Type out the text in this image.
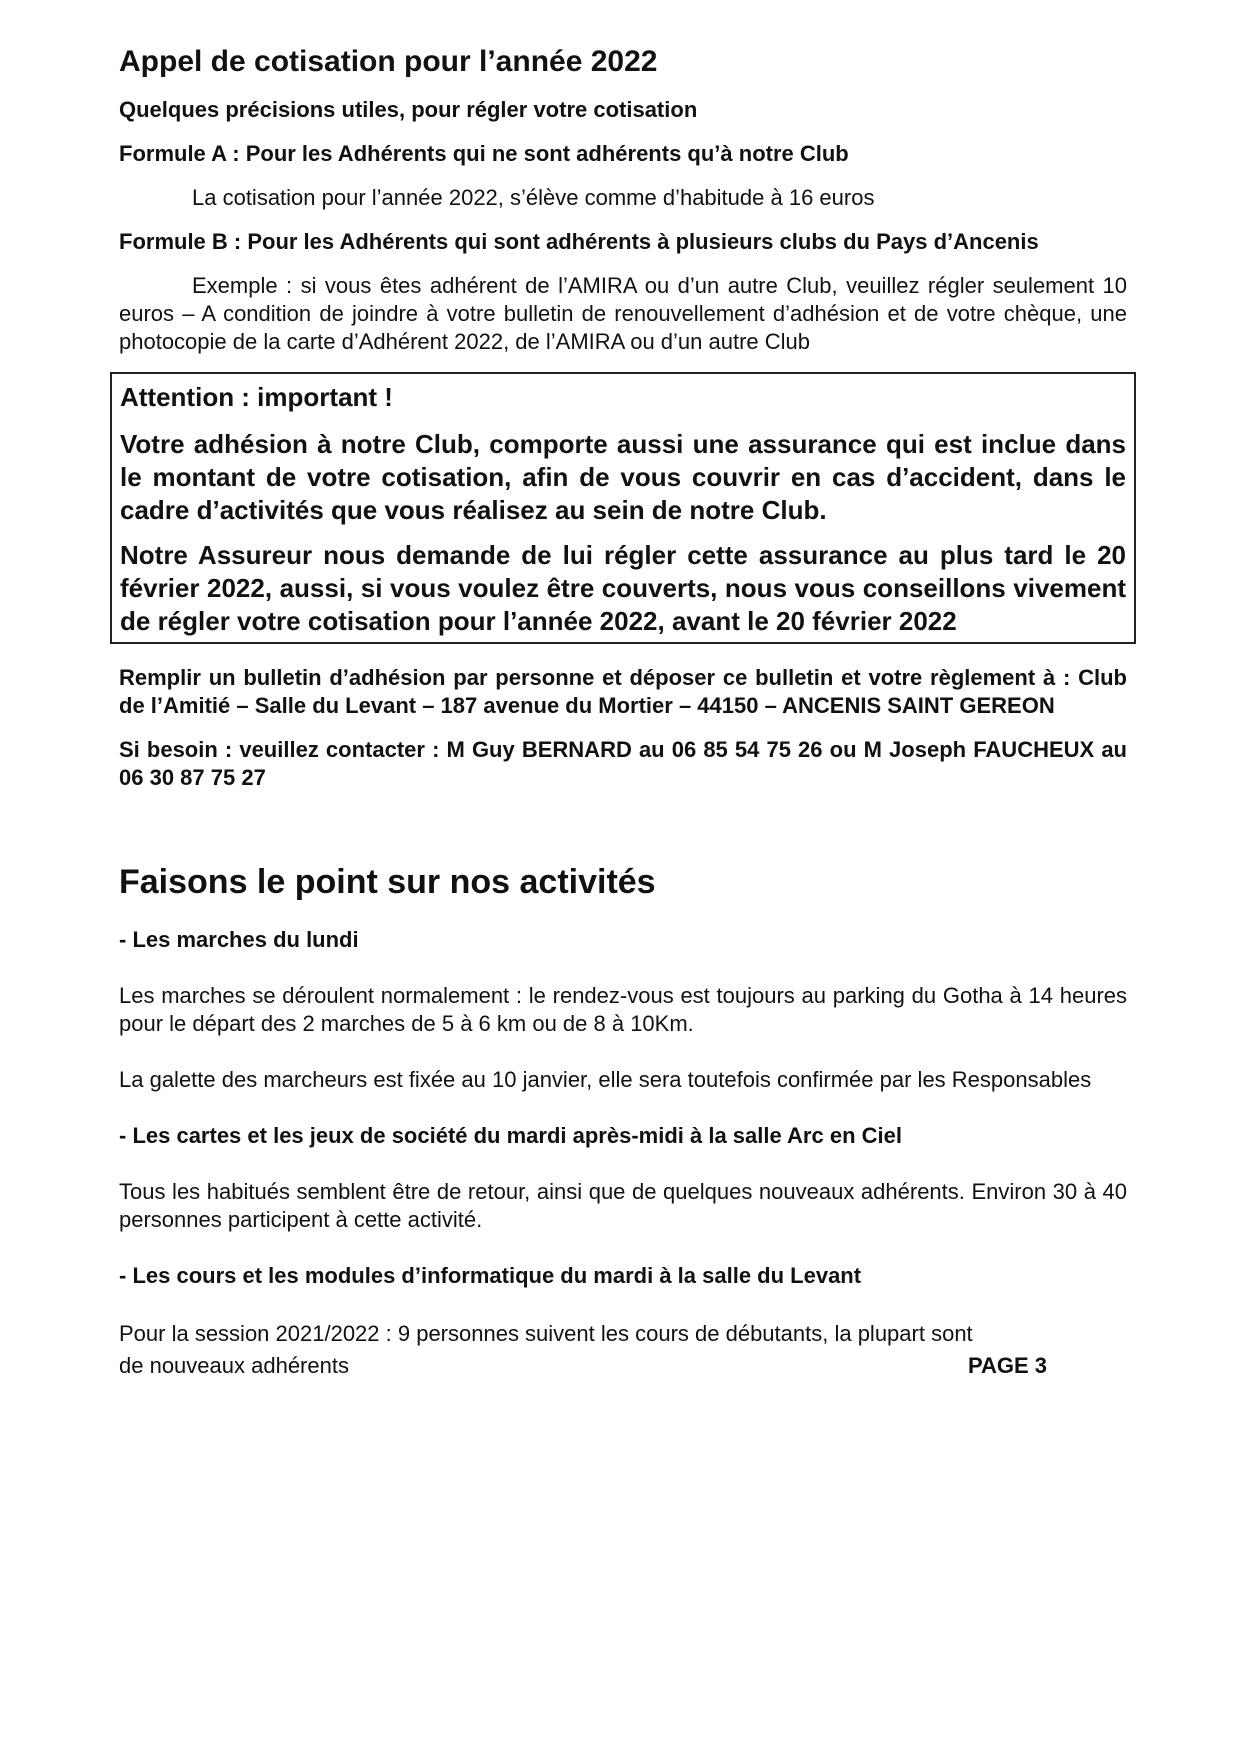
Appel de cotisation pour l’année 2022

Quelques précisions utiles, pour régler votre cotisation

Formule A : Pour les Adhérents qui ne sont adhérents qu’à notre Club

La cotisation pour l’année 2022, s’élève comme d’habitude à 16 euros

Formule B : Pour les Adhérents qui sont adhérents à plusieurs clubs du Pays d’Ancenis

Exemple : si vous êtes adhérent de l’AMIRA ou d’un autre Club, veuillez régler seulement 10 euros – A condition de joindre à votre bulletin de renouvellement d’adhésion et de votre chèque, une photocopie de la carte d’Adhérent 2022, de l’AMIRA ou d’un autre Club

Attention : important !

Votre adhésion à notre Club, comporte aussi une assurance qui est inclue dans le montant de votre cotisation, afin de vous couvrir en cas d’accident, dans le cadre d’activités que vous réalisez au sein de notre Club.

Notre Assureur nous demande de lui régler cette assurance au plus tard le 20 février 2022, aussi, si vous voulez être couverts, nous vous conseillons vivement de régler votre cotisation pour l’année 2022, avant le 20 février 2022

Remplir un bulletin d’adhésion par personne et déposer ce bulletin et votre règlement à : Club de l’Amitié – Salle du Levant – 187 avenue du Mortier – 44150 – ANCENIS SAINT GEREON

Si besoin : veuillez contacter : M Guy BERNARD au 06 85 54 75 26 ou M Joseph FAUCHEUX au 06 30 87 75 27

Faisons le point sur nos activités

- Les marches du lundi

Les marches se déroulent normalement : le rendez-vous est toujours au parking du Gotha à 14 heures pour le départ des 2 marches de 5 à 6 km ou de 8 à 10Km.

La galette des marcheurs est fixée au 10 janvier, elle sera toutefois confirmée par les Responsables

- Les cartes et les jeux de société du mardi après-midi à la salle Arc en Ciel

Tous les habitués semblent être de retour, ainsi que de quelques nouveaux adhérents. Environ 30 à 40 personnes participent à cette activité.

- Les cours et les modules d’informatique du mardi à la salle du Levant

Pour la session 2021/2022 : 9 personnes suivent les cours de débutants, la plupart sont

de nouveaux adhérents	PAGE 3
